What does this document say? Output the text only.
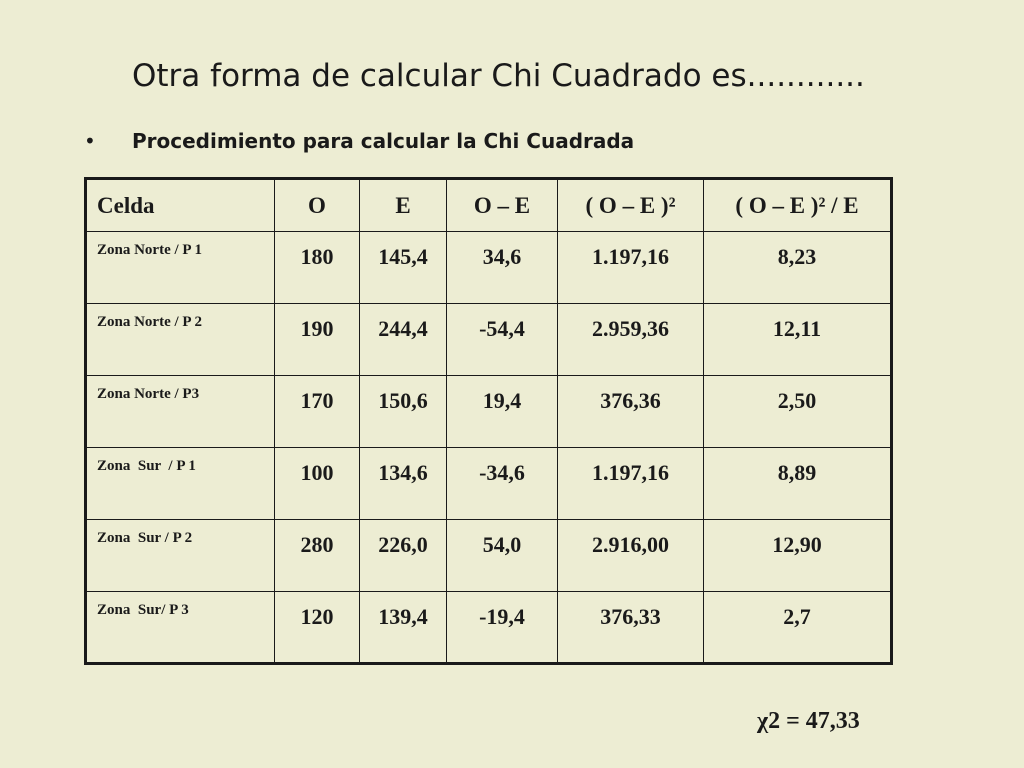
Otra forma de calcular Chi Cuadrado es............
• Procedimiento para calcular la Chi Cuadrada
Celda	O	E	O – E	( O – E )²	( O – E )² / E
Zona Norte / P 1	180	145,4	34,6	1.197,16	8,23
Zona Norte / P 2	190	244,4	-54,4	2.959,36	12,11
Zona Norte / P3	170	150,6	19,4	376,36	2,50
Zona  Sur  / P 1	100	134,6	-34,6	1.197,16	8,89
Zona  Sur / P 2	280	226,0	54,0	2.916,00	12,90
Zona  Sur/ P 3	120	139,4	-19,4	376,33	2,7
χ2 = 47,33
